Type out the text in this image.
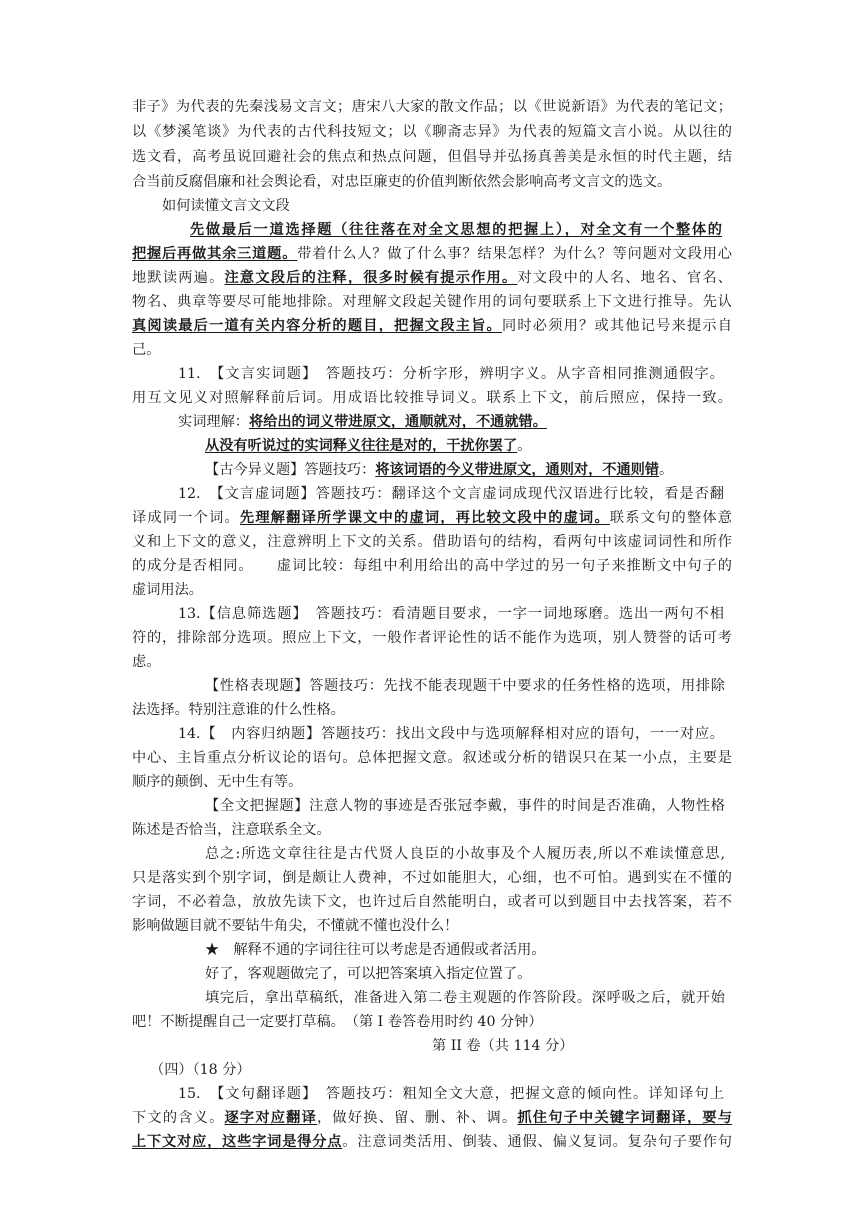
非子》为代表的先秦浅易文言文；唐宋八大家的散文作品；以《世说新语》为代表的笔记文；
以《梦溪笔谈》为代表的古代科技短文；以《聊斋志异》为代表的短篇文言小说。从以往的
选文看，高考虽说回避社会的焦点和热点问题，但倡导并弘扬真善美是永恒的时代主题，结
合当前反腐倡廉和社会舆论看，对忠臣廉吏的价值判断依然会影响高考文言文的选文。
如何读懂文言文文段
先做最后一道选择题（往往落在对全文思想的把握上），对全文有一个整体的
把握后再做其余三道题。带着什么人？做了什么事？结果怎样？为什么？等问题对文段用心
地默读两遍。注意文段后的注释，很多时候有提示作用。对文段中的人名、地名、官名、
物名、典章等要尽可能地排除。对理解文段起关键作用的词句要联系上下文进行推导。先认
真阅读最后一道有关内容分析的题目，把握文段主旨。同时必须用？或其他记号来提示自
己。
11.　【文言实词题】　答题技巧：分析字形，辨明字义。从字音相同推测通假字。
用互文见义对照解释前后词。用成语比较推导词义。联系上下文，前后照应，保持一致。
实词理解：将给出的词义带进原文，通顺就对，不通就错。
从没有听说过的实词释义往往是对的，干扰你罢了。
【古今异义题】答题技巧：将该词语的今义带进原文，通则对，不通则错。
12.　【文言虚词题】答题技巧：翻译这个文言虚词成现代汉语进行比较，看是否翻
译成同一个词。先理解翻译所学课文中的虚词，再比较文段中的虚词。联系文句的整体意
义和上下文的意义，注意辨明上下文的关系。借助语句的结构，看两句中该虚词词性和所作
的成分是否相同。　　虚词比较：每组中利用给出的高中学过的另一句子来推断文中句子的
虚词用法。
13.【信息筛选题】　答题技巧：看清题目要求，一字一词地琢磨。选出一两句不相
符的，排除部分选项。照应上下文，一般作者评论性的话不能作为选项，别人赞誉的话可考
虑。
【性格表现题】答题技巧：先找不能表现题干中要求的任务性格的选项，用排除
法选择。特别注意谁的什么性格。
14.【　内容归纳题】答题技巧：找出文段中与选项解释相对应的语句，一一对应。
中心、主旨重点分析议论的语句。总体把握文意。叙述或分析的错误只在某一小点，主要是
顺序的颠倒、无中生有等。
【全文把握题】注意人物的事迹是否张冠李戴，事件的时间是否准确，人物性格
陈述是否恰当，注意联系全文。
总之:所选文章往往是古代贤人良臣的小故事及个人履历表,所以不难读懂意思,
只是落实到个别字词，倒是颇让人费神，不过如能胆大，心细，也不可怕。遇到实在不懂的
字词，不必着急，放放先读下文，也许过后自然能明白，或者可以到题目中去找答案，若不
影响做题目就不要钻牛角尖，不懂就不懂也没什么！
★　解释不通的字词往往可以考虑是否通假或者活用。
好了，客观题做完了，可以把答案填入指定位置了。
填完后，拿出草稿纸，准备进入第二卷主观题的作答阶段。深呼吸之后，就开始
吧！不断提醒自己一定要打草稿。　（第 I 卷答卷用时约 40 分钟）
第 II 卷（共 114 分）
（四）（18 分）
15.　【文句翻译题】　答题技巧：粗知全文大意，把握文意的倾向性。详知译句上
下文的含义。逐字对应翻译，做好换、留、删、补、调。抓住句子中关键字词翻译，要与
上下文对应，这些字词是得分点。注意词类活用、倒装、通假、偏义复词。复杂句子要作句
